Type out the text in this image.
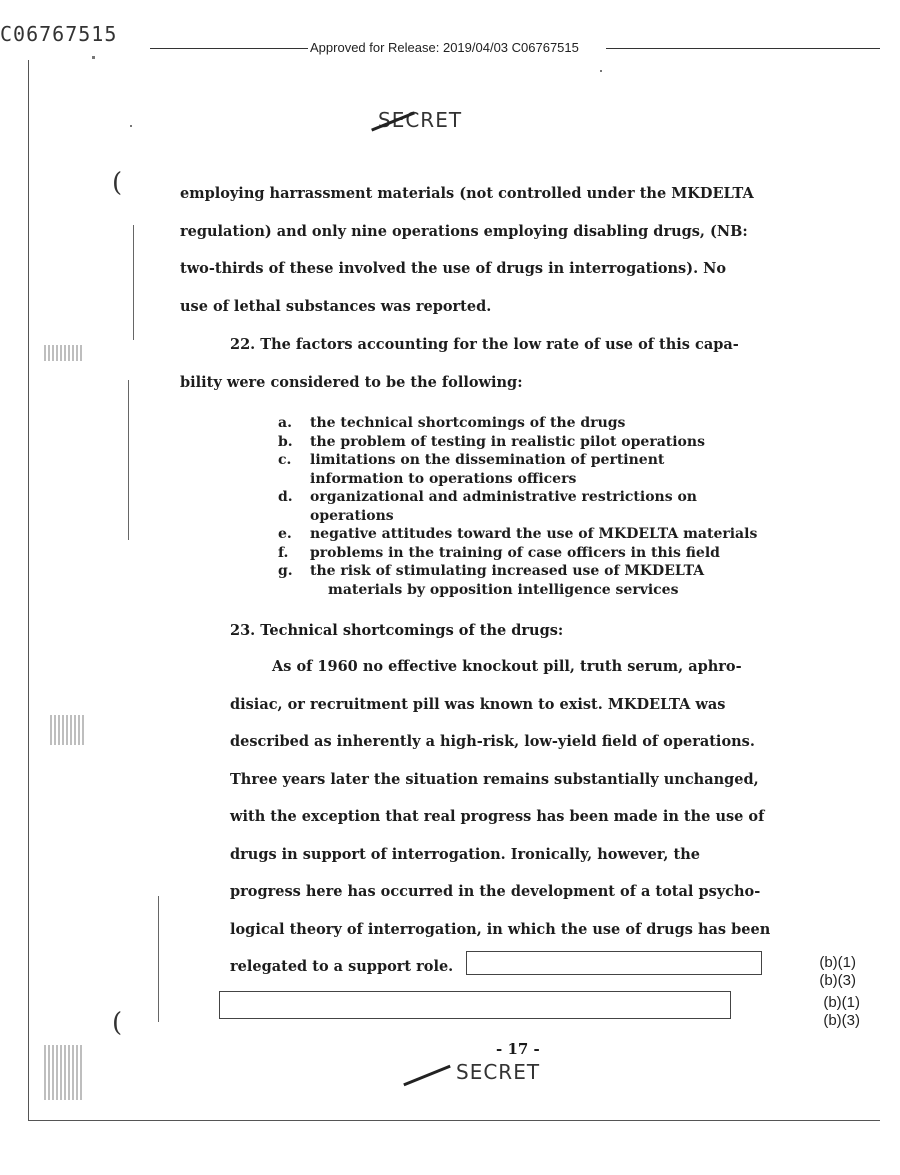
C06767515
Approved for Release: 2019/04/03 C06767515
SECRET
(
(

employing harrassment materials (not controlled under the MKDELTA
regulation) and only nine operations employing disabling drugs, (NB:
two-thirds of these involved the use of drugs in interrogations). No
use of lethal substances was reported.

22. The factors accounting for the low rate of use of this capa-
bility were considered to be the following:

a.	the technical shortcomings of the drugs
b.	the problem of testing in realistic pilot operations
c.	limitations on the dissemination of pertinent
information to operations officers
d.	organizational and administrative restrictions on
operations
e.	negative attitudes toward the use of MKDELTA materials
f.	problems in the training of case officers in this field
g.	the risk of stimulating increased use of MKDELTA
materials by opposition intelligence services
23. Technical shortcomings of the drugs:

As of 1960 no effective knockout pill, truth serum, aphro-
disiac, or recruitment pill was known to exist. MKDELTA was
described as inherently a high-risk, low-yield field of operations.
Three years later the situation remains substantially unchanged,
with the exception that real progress has been made in the use of
drugs in support of interrogation. Ironically, however, the
progress here has occurred in the development of a total psycho-
logical theory of interrogation, in which the use of drugs has been
relegated to a support role.	(b)(1)
(b)(3)
(b)(1)
(b)(3)
- 17 -
SECRET
